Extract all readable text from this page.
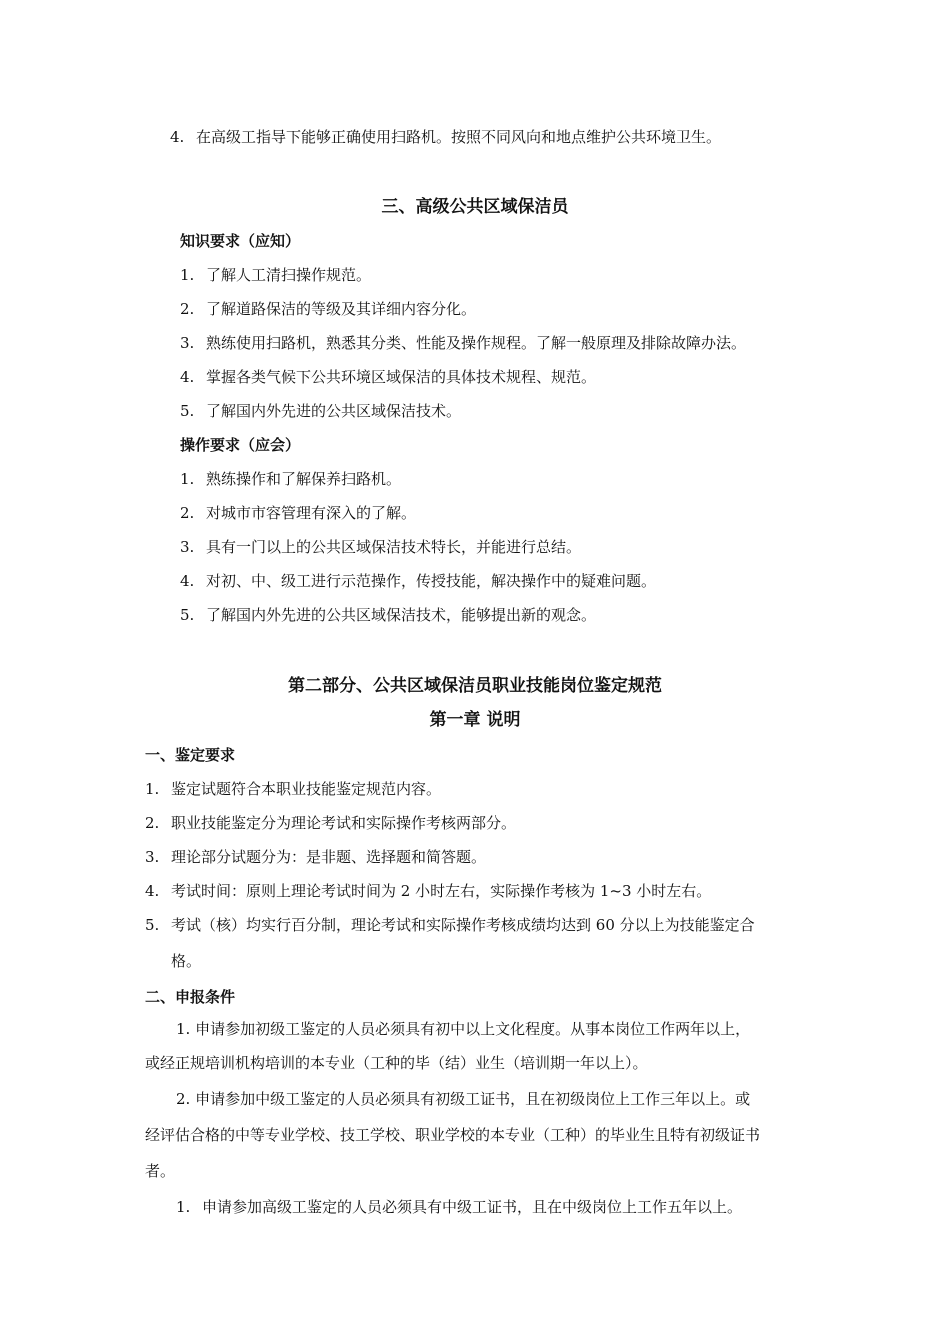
4. 在高级工指导下能够正确使用扫路机。按照不同风向和地点维护公共环境卫生。
三、高级公共区域保洁员
知识要求（应知）
1. 了解人工清扫操作规范。
2. 了解道路保洁的等级及其详细内容分化。
3. 熟练使用扫路机，熟悉其分类、性能及操作规程。了解一般原理及排除故障办法。
4. 掌握各类气候下公共环境区域保洁的具体技术规程、规范。
5. 了解国内外先进的公共区域保洁技术。
操作要求（应会）
1. 熟练操作和了解保养扫路机。
2. 对城市市容管理有深入的了解。
3. 具有一门以上的公共区域保洁技术特长，并能进行总结。
4. 对初、中、级工进行示范操作，传授技能，解决操作中的疑难问题。
5. 了解国内外先进的公共区域保洁技术，能够提出新的观念。
第二部分、公共区域保洁员职业技能岗位鉴定规范
第一章 说明
一、鉴定要求
1. 鉴定试题符合本职业技能鉴定规范内容。
2. 职业技能鉴定分为理论考试和实际操作考核两部分。
3. 理论部分试题分为：是非题、选择题和简答题。
4. 考试时间：原则上理论考试时间为 2 小时左右，实际操作考核为 1~3 小时左右。
5. 考试（核）均实行百分制，理论考试和实际操作考核成绩均达到 60 分以上为技能鉴定合
格。
二、申报条件
1. 申请参加初级工鉴定的人员必须具有初中以上文化程度。从事本岗位工作两年以上，
或经正规培训机构培训的本专业（工种的毕（结）业生（培训期一年以上）。
2. 申请参加中级工鉴定的人员必须具有初级工证书，且在初级岗位上工作三年以上。或
经评估合格的中等专业学校、技工学校、职业学校的本专业（工种）的毕业生且特有初级证书
者。
1. 申请参加高级工鉴定的人员必须具有中级工证书，且在中级岗位上工作五年以上。
